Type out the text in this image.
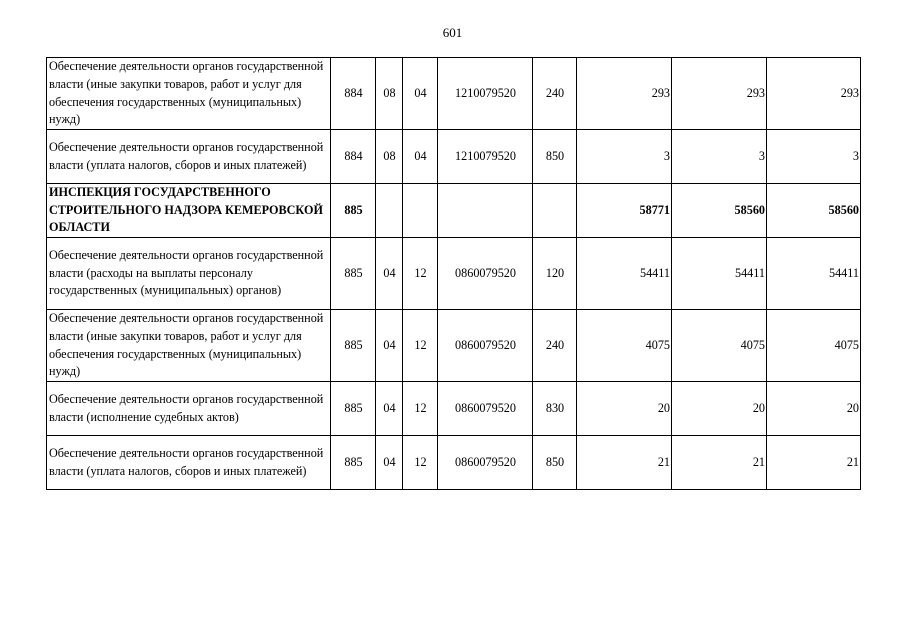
601
Обеспечение деятельности органов государственной власти (иные закупки товаров, работ и услуг для обеспечения государственных (муниципальных) нужд)	884	08	04	1210079520	240	293	293	293
Обеспечение деятельности органов государственной власти (уплата налогов, сборов и иных платежей)	884	08	04	1210079520	850	3	3	3
ИНСПЕКЦИЯ ГОСУДАРСТВЕННОГО СТРОИТЕЛЬНОГО НАДЗОРА КЕМЕРОВСКОЙ ОБЛАСТИ	885					58771	58560	58560
Обеспечение деятельности органов государственной власти (расходы на выплаты персоналу государственных (муниципальных) органов)	885	04	12	0860079520	120	54411	54411	54411
Обеспечение деятельности органов государственной власти (иные закупки товаров, работ и услуг для обеспечения государственных (муниципальных) нужд)	885	04	12	0860079520	240	4075	4075	4075
Обеспечение деятельности органов государственной власти (исполнение судебных актов)	885	04	12	0860079520	830	20	20	20
Обеспечение деятельности органов государственной власти (уплата налогов, сборов и иных платежей)	885	04	12	0860079520	850	21	21	21
